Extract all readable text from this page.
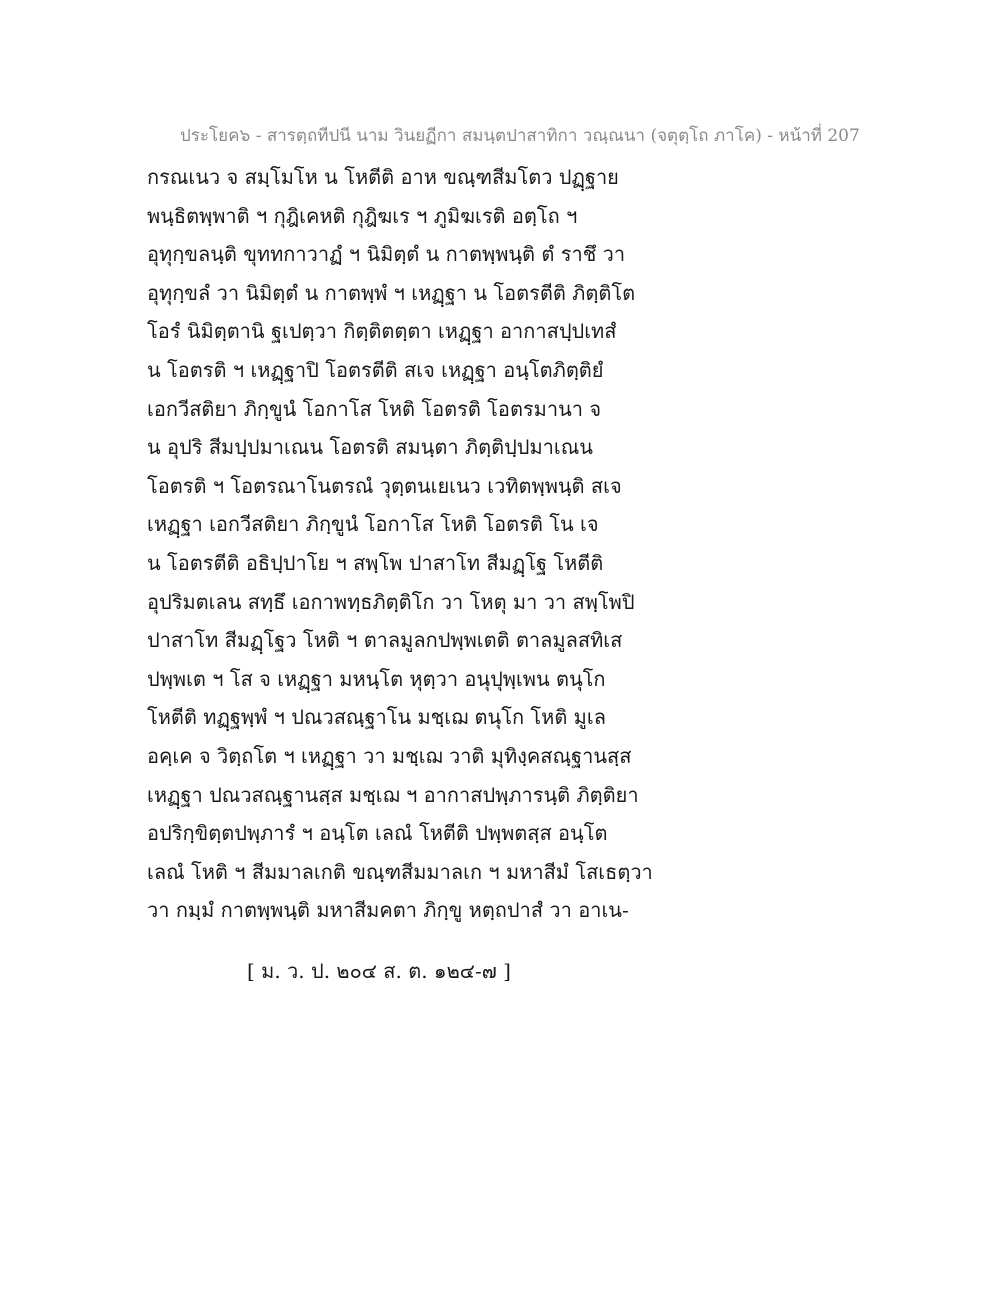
ประโยค๖ - สารตฺถทีปนี นาม วินยฏีกา สมนฺตปาสาทิกา วณฺณนา (จตุตฺโถ ภาโค) - หน้าที่ 207
กรณเนว จ สมฺโมโห น โหตีติ อาห ขณฺฑสีมโตว ปฏฺฐาย
พนฺธิตพฺพาติ ฯ กุฎิเคหติ กุฎิฆเร ฯ ภูมิฆเรติ อตฺโถ ฯ
อุทุกฺขลนฺติ ขุททกาวาฏํ ฯ นิมิตฺตํ น กาตพฺพนฺติ ตํ ราชึ วา
อุทุกฺขลํ วา นิมิตฺตํ น กาตพฺพํ ฯ เหฏฺฐา น โอตรตีติ ภิตฺติโต
โอรํ นิมิตฺตานิ ฐเปตฺวา กิตฺติตตฺตา เหฏฺฐา อากาสปฺปเทสํ
น โอตรติ ฯ เหฏฺฐาปิ โอตรตีติ สเจ เหฏฺฐา อนฺโตภิตฺติยํ
เอกวีสติยา ภิกฺขูนํ โอกาโส โหติ โอตรติ โอตรมานา จ
น อุปริ สีมปฺปมาเณน โอตรติ สมนฺตา ภิตฺติปฺปมาเณน
โอตรติ ฯ โอตรณาโนตรณํ วุตฺตนเยเนว เวทิตพฺพนฺติ สเจ
เหฏฺฐา เอกวีสติยา ภิกฺขูนํ โอกาโส โหติ โอตรติ โน เจ
น โอตรตีติ อธิปฺปาโย ฯ สพฺโพ ปาสาโท สีมฏฺโฐ โหตีติ
อุปริมตเลน สทฺธึ เอกาพทฺธภิตฺติโก วา โหตุ มา วา สพฺโพปิ
ปาสาโท สีมฏฺโฐว โหติ ฯ ตาลมูลกปพฺพเตติ ตาลมูลสทิเส
ปพฺพเต ฯ โส จ เหฏฺฐา มหนฺโต หุตฺวา อนุปุพฺเพน ตนุโก
โหตีติ ทฏฺฐพฺพํ ฯ ปณวสณฺฐาโน มชฺเฌ ตนุโก โหติ มูเล
อคฺเค จ วิตฺถโต ฯ เหฏฺฐา วา มชฺเฌ วาติ มุทิงฺคสณฺฐานสฺส
เหฏฺฐา ปณวสณฺฐานสฺส มชฺเฌ ฯ อากาสปพฺภารนฺติ ภิตฺติยา
อปริกฺขิตฺตปพฺภารํ ฯ อนฺโต เลณํ โหตีติ ปพฺพตสฺส อนฺโต
เลณํ โหติ ฯ สีมมาลเกติ ขณฺฑสีมมาลเก ฯ มหาสีมํ โสเธตฺวา
วา กมฺมํ กาตพฺพนฺติ มหาสีมคตา ภิกฺขู หตฺถปาสํ วา อาเน-
[ ม. ว. ป. ๒๐๔ ส. ต. ๑๒๔-๗ ]
